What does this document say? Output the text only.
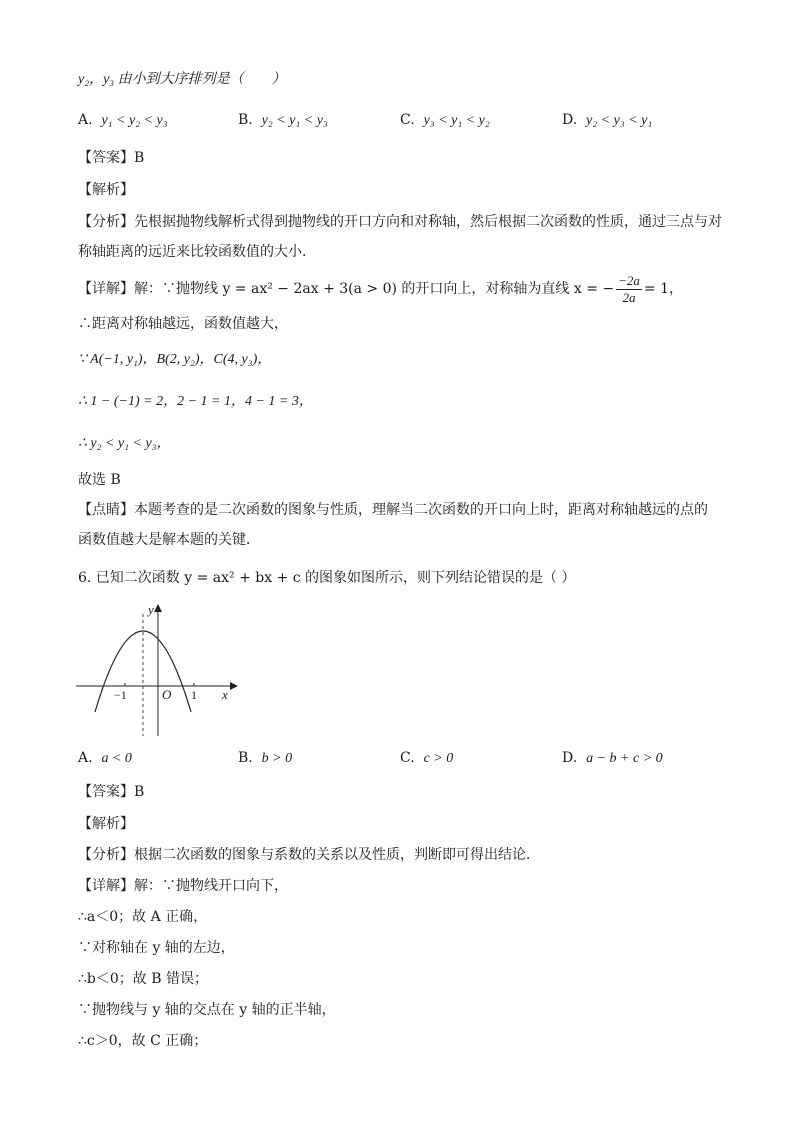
y₂，y₃ 由小到大序排列是（　　）
A. y₁ < y₂ < y₃	B. y₂ < y₁ < y₃	C. y₃ < y₁ < y₂	D. y₂ < y₃ < y₁
【答案】B
【解析】
【分析】先根据抛物线解析式得到抛物线的开口方向和对称轴，然后根据二次函数的性质，通过三点与对
称轴距离的远近来比较函数值的大小．
【详解】解：∵抛物线 y = ax² − 2ax + 3(a > 0) 的开口向上，对称轴为直线 x = − $\frac{-2a}{2a} = 1$，
∴距离对称轴越远，函数值越大，
∵ A(−1, y₁)，B(2, y₂)，C(4, y₃)，
∴ 1 − (−1) = 2，2 − 1 = 1，4 − 1 = 3，
∴ y₂ < y₁ < y₃，
故选 B
【点睛】本题考查的是二次函数的图象与性质，理解当二次函数的开口向上时，距离对称轴越远的点的
函数值越大是解本题的关键．
6. 已知二次函数 y = ax² + bx + c 的图象如图所示，则下列结论错误的是（ ）
y
x
O
−1	1
A. a < 0	B. b > 0	C. c > 0	D. a − b + c > 0
【答案】B
【解析】
【分析】根据二次函数的图象与系数的关系以及性质，判断即可得出结论．
【详解】解：∵抛物线开口向下，
∴a＜0；故 A 正确，
∵对称轴在 y 轴的左边，
∴b＜0；故 B 错误；
∵抛物线与 y 轴的交点在 y 轴的正半轴，
∴c＞0，故 C 正确；
